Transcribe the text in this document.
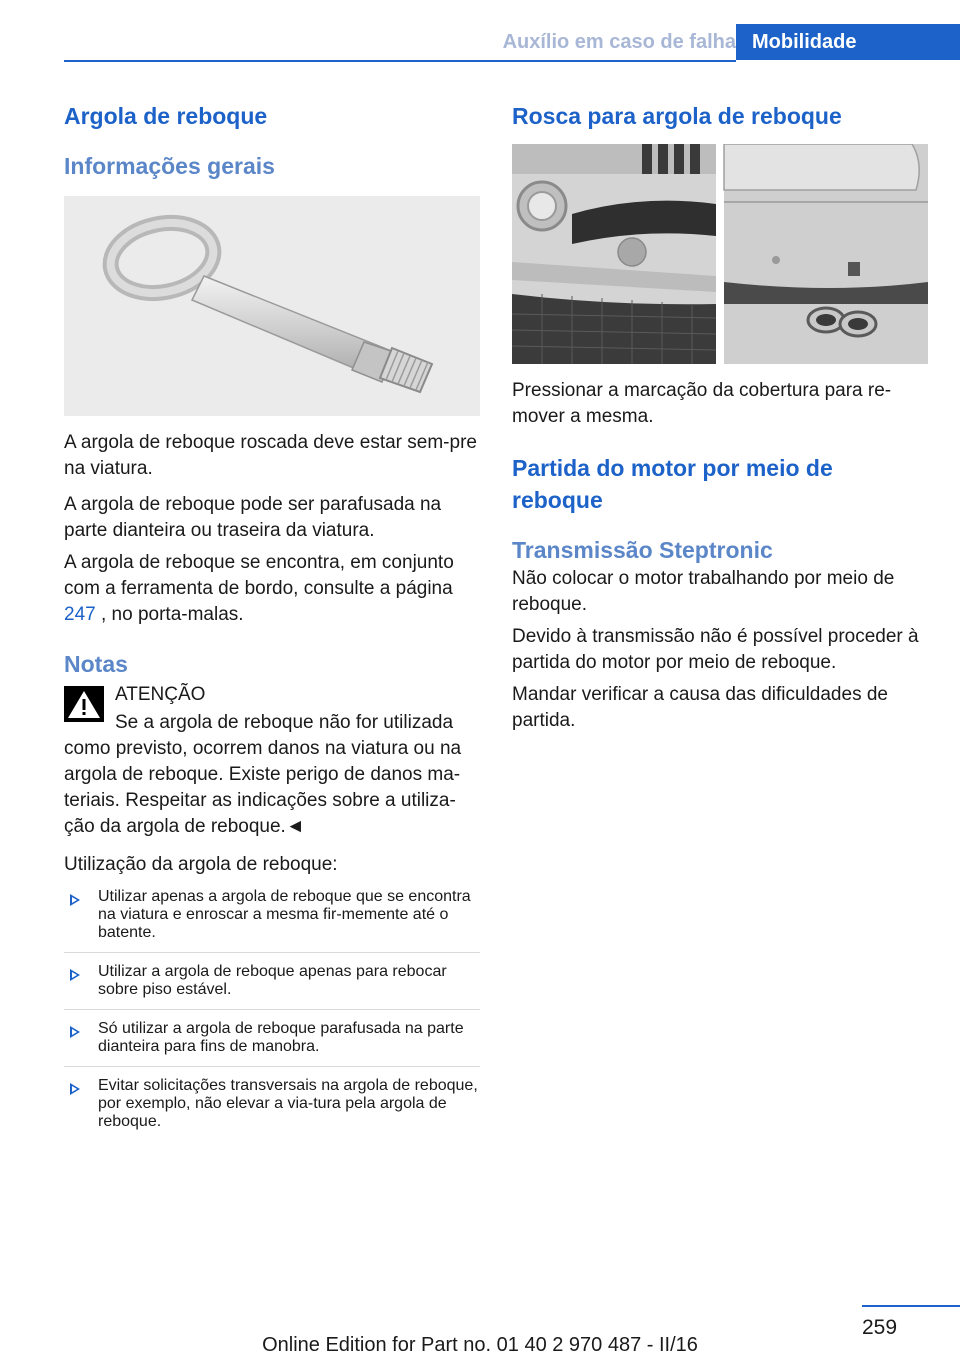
Auxílio em caso de falha Mobilidade
Argola de reboque
Informações gerais

A argola de reboque roscada deve estar sem-pre na viatura.

A argola de reboque pode ser parafusada na parte dianteira ou traseira da viatura.

A argola de reboque se encontra, em conjunto com a ferramenta de bordo, consulte a página
247 , no porta-malas.

Notas

ATENÇÃO

Se a argola de reboque não for utilizada

como previsto, ocorrem danos na viatura ou na argola de reboque. Existe perigo de danos ma-teriais. Respeitar as indicações sobre a utiliza-ção da argola de reboque.◄

Utilização da argola de reboque:

Utilizar apenas a argola de reboque que se encontra na viatura e enroscar a mesma fir-memente até o batente.
Utilizar a argola de reboque apenas para rebocar sobre piso estável.
Só utilizar a argola de reboque parafusada na parte dianteira para fins de manobra.
Evitar solicitações transversais na argola de reboque, por exemplo, não elevar a via-tura pela argola de reboque.
Rosca para argola de reboque

Pressionar a marcação da cobertura para re-mover a mesma.

Partida do motor por meio de reboque
Transmissão Steptronic

Não colocar o motor trabalhando por meio de reboque.

Devido à transmissão não é possível proceder à partida do motor por meio de reboque.

Mandar verificar a causa das dificuldades de partida.

259
Online Edition for Part no. 01 40 2 970 487 - II/16
